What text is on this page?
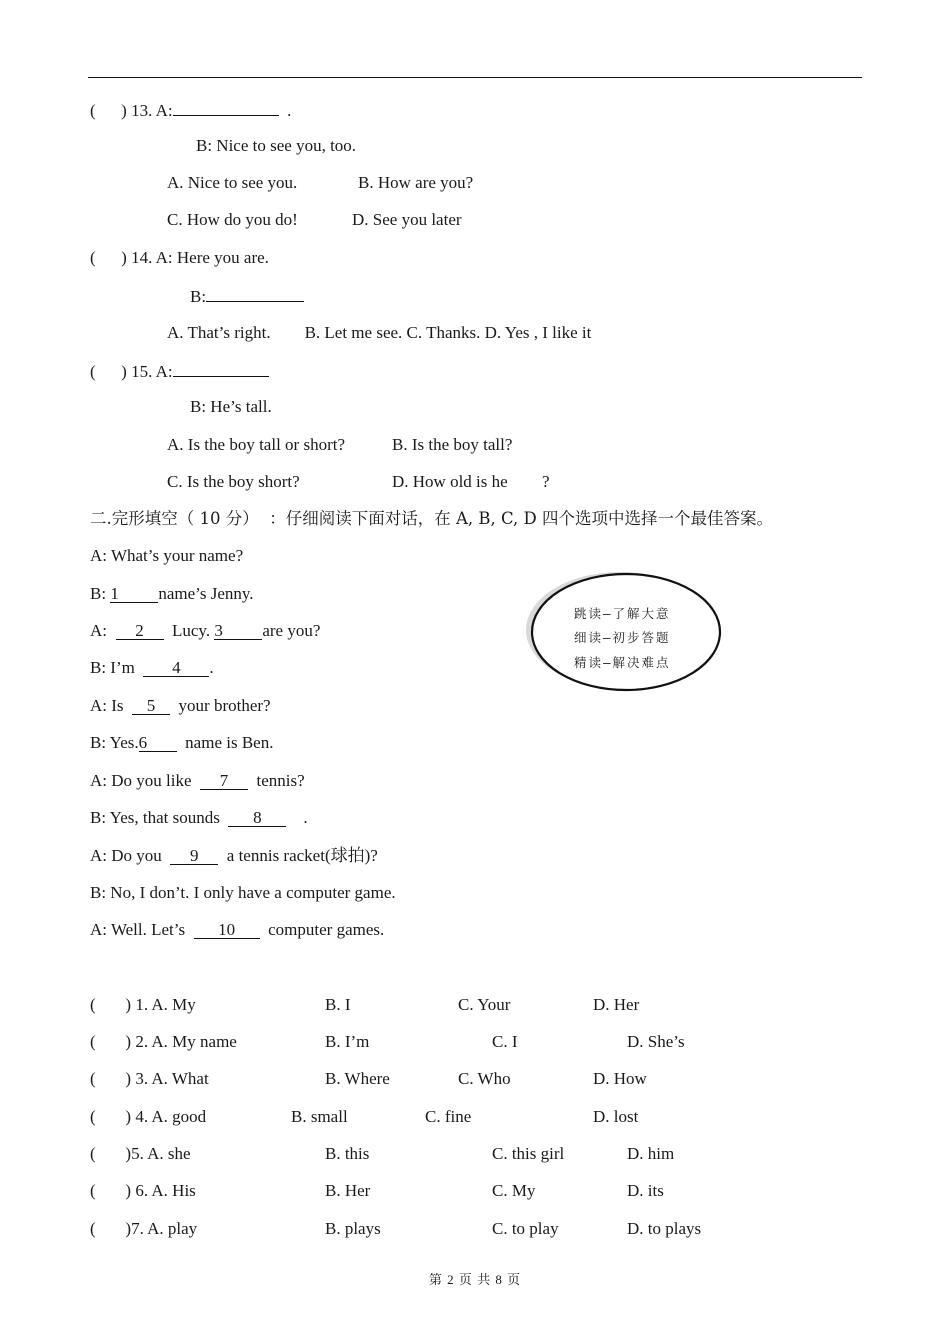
(      ) 13. A:	.
B: Nice to see you, too.
A. Nice to see you.	B. How are you?
C. How do you do!	D. See you later
(      ) 14. A: Here you are.
B:
A. That’s right.        B. Let me see. C. Thanks. D. Yes , I like it
(      ) 15. A:
B: He’s tall.
A. Is the boy tall or short?	B. Is the boy tall?
C. Is the boy short?	D. How old is he ?
二.完形填空（ 10 分）  ：仔细阅读下面对话，在 A, B, C, D 四个选项中选择一个最佳答案。
A: What’s your name?
B: 1 name’s Jenny.
A:  2  Lucy. 3 are you?
B: I’m  4 .
A: Is  5  your brother?
B: Yes.6  name is Ben.
A: Do you like  7  tennis?
B: Yes, that sounds  8    .
A: Do you  9  a tennis racket(球拍)?
B: No, I don’t. I only have a computer game.
A: Well. Let’s  10  computer games.
跳读—了解大意
细读—初步答题
精读—解决难点
(       ) 1. A. My	B. I	C. Your	D. Her
(       ) 2. A. My name	B. I’m	C. I	D. She’s
(       ) 3. A. What	B. Where	C. Who	D. How
(       ) 4. A. good	B. small	C. fine	D. lost
(       )5. A. she	B. this	C. this girl	D. him
(       ) 6. A. His	B. Her	C. My	D. its
(       )7. A. play	B. plays	C. to play	D. to plays
第 2 页 共 8 页
